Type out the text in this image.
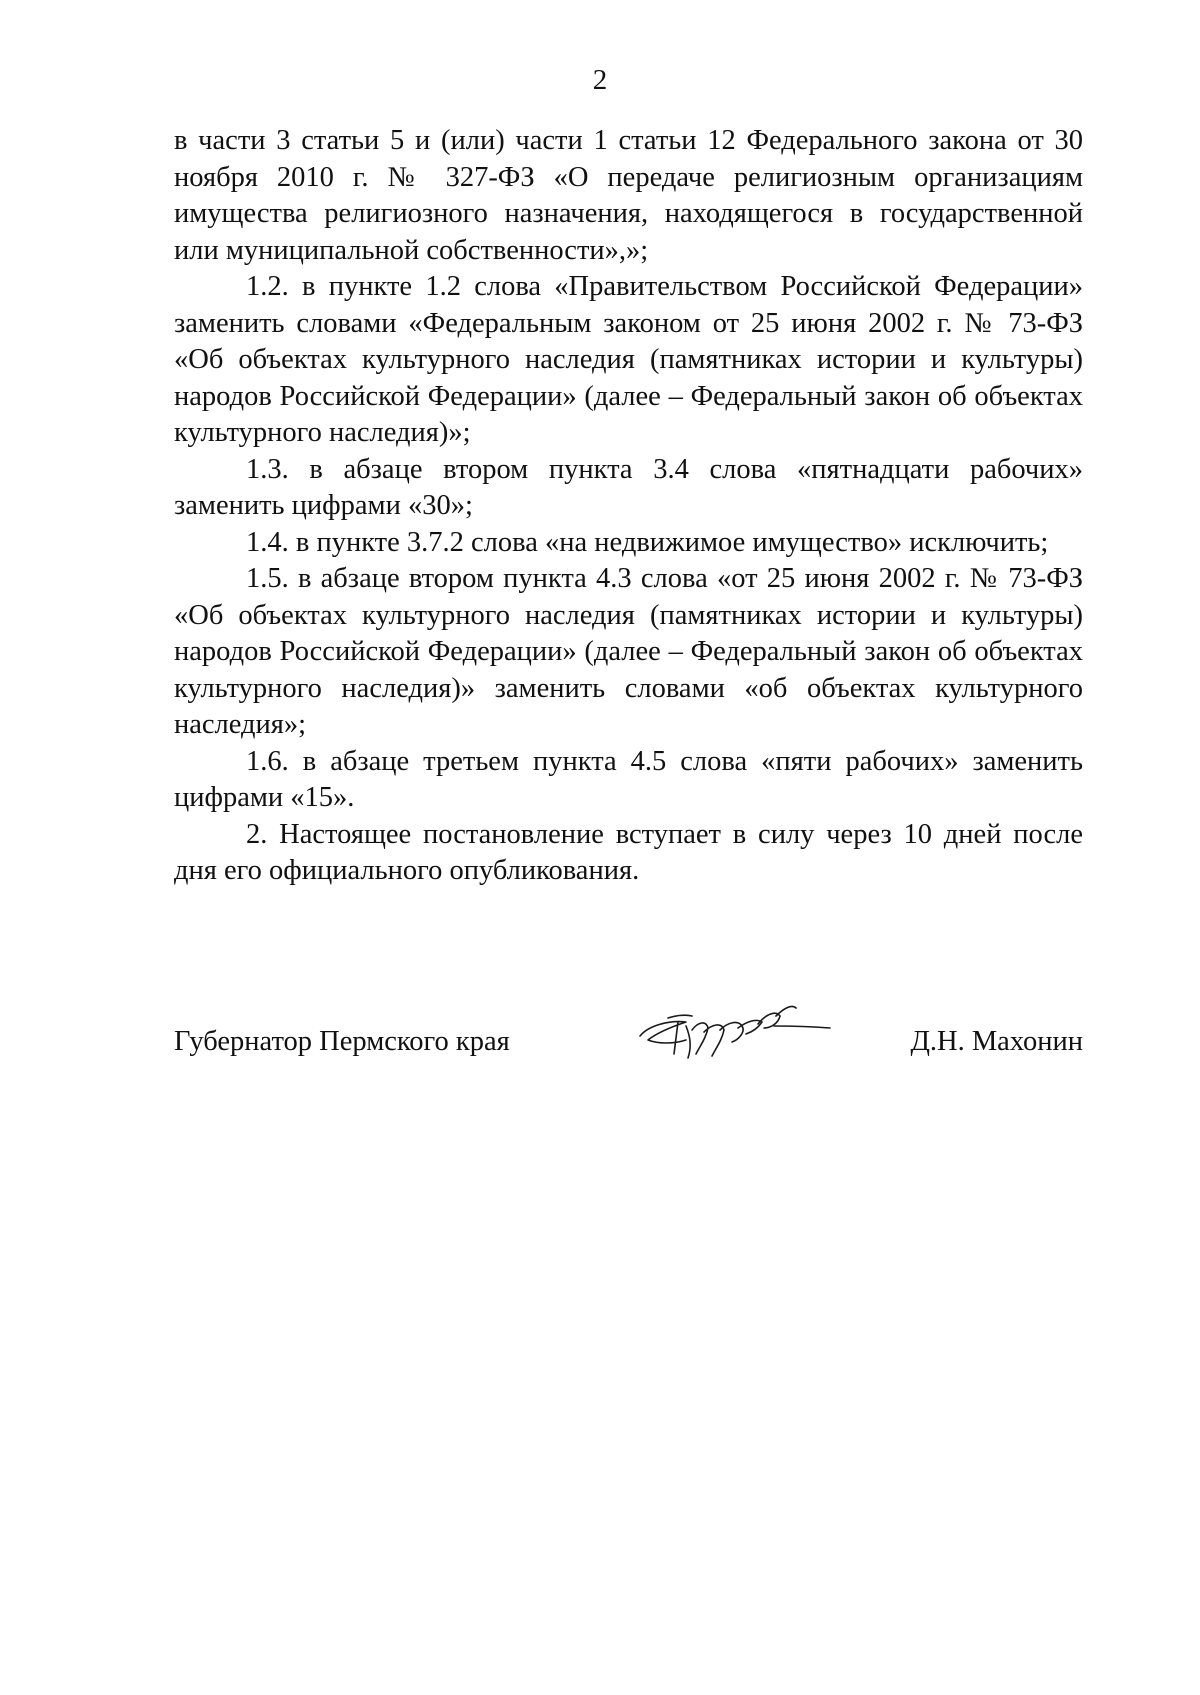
2

в части 3 статьи 5 и (или) части 1 статьи 12 Федерального закона от 30 ноября 2010 г. № 327-ФЗ «О передаче религиозным организациям имущества религиозного назначения, находящегося в государственной или муниципальной собственности»,»;

1.2. в пункте 1.2 слова «Правительством Российской Федерации» заменить словами «Федеральным законом от 25 июня 2002 г. № 73-ФЗ «Об объектах культурного наследия (памятниках истории и культуры) народов Российской Федерации» (далее – Федеральный закон об объектах культурного наследия)»;

1.3. в абзаце втором пункта 3.4 слова «пятнадцати рабочих» заменить цифрами «30»;

1.4. в пункте 3.7.2 слова «на недвижимое имущество» исключить;

1.5. в абзаце втором пункта 4.3 слова «от 25 июня 2002 г. № 73-ФЗ «Об объектах культурного наследия (памятниках истории и культуры) народов Российской Федерации» (далее – Федеральный закон об объектах культурного наследия)» заменить словами «об объектах культурного наследия»;

1.6. в абзаце третьем пункта 4.5 слова «пяти рабочих» заменить цифрами «15».

2. Настоящее постановление вступает в силу через 10 дней после дня его официального опубликования.

Губернатор Пермского края	Д.Н. Махонин
